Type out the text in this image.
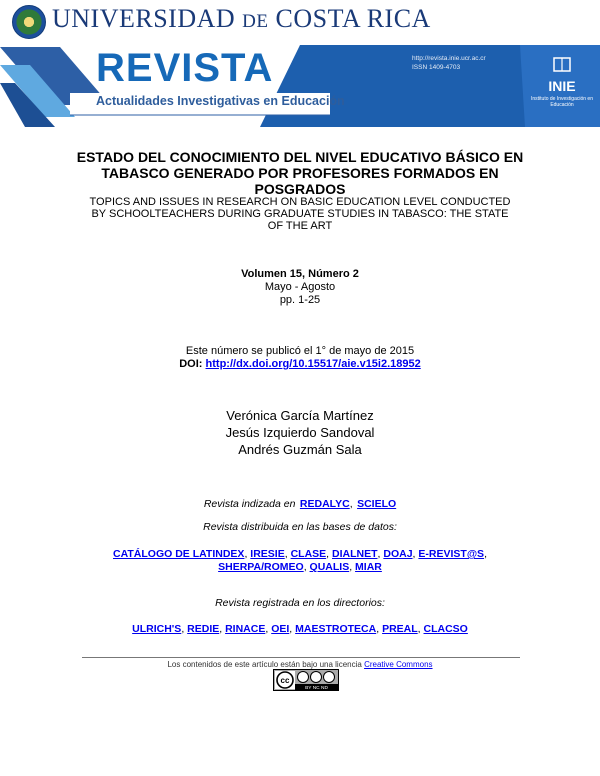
UNIVERSIDAD DE COSTA RICA
REVISTA
Actualidades Investigativas en Educación
http://revista.inie.ucr.ac.cr
ISSN 1409-4703
INIE
Instituto de Investigación en Educación
ESTADO DEL CONOCIMIENTO DEL NIVEL EDUCATIVO BÁSICO EN TABASCO GENERADO POR PROFESORES FORMADOS EN POSGRADOS
TOPICS AND ISSUES IN RESEARCH ON BASIC EDUCATION LEVEL CONDUCTED BY SCHOOLTEACHERS DURING GRADUATE STUDIES IN TABASCO: THE STATE OF THE ART
Volumen 15, Número 2
Mayo - Agosto
pp. 1-25
Este número se publicó el 1° de mayo de 2015
DOI: http://dx.doi.org/10.15517/aie.v15i2.18952
Verónica García Martínez
Jesús Izquierdo Sandoval
Andrés Guzmán Sala
Revista indizada en REDALYC, SCIELO
Revista distribuida en las bases de datos:
CATÁLOGO DE LATINDEX, IRESIE, CLASE, DIALNET, DOAJ, E-REVIST@S,
SHERPA/ROMEO, QUALIS, MIAR
Revista registrada en los directorios:
ULRICH'S, REDIE, RINACE, OEI, MAESTROTECA, PREAL, CLACSO
Los contenidos de este artículo están bajo una licencia Creative Commons
cc
BY NC ND
